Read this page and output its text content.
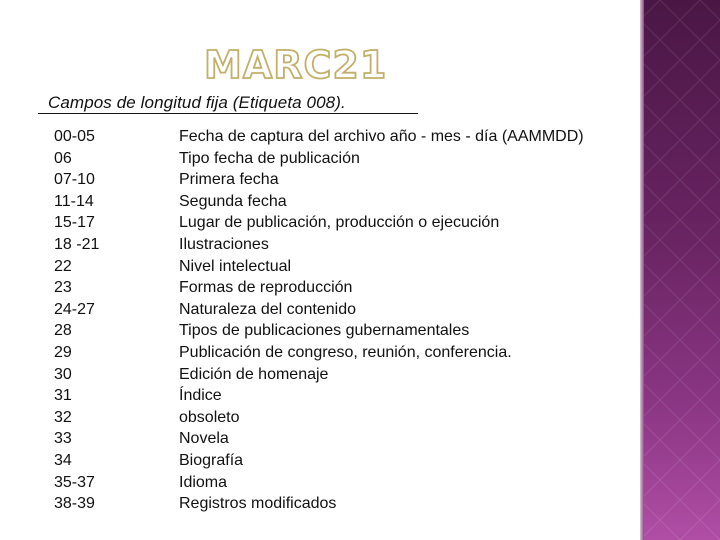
MARC21
Campos de longitud fija (Etiqueta 008).
00-05	Fecha de captura del archivo año - mes - día (AAMMDD)
06	Tipo fecha de publicación
07-10	Primera fecha
11-14	Segunda fecha
15-17	Lugar de publicación, producción o ejecución
18 -21	Ilustraciones
22	Nivel intelectual
23	Formas de reproducción
24-27	Naturaleza del contenido
28	Tipos de publicaciones gubernamentales
29	Publicación de congreso, reunión, conferencia.
30	Edición de homenaje
31	Índice
32	obsoleto
33	Novela
34	Biografía
35-37	Idioma
38-39	Registros modificados
